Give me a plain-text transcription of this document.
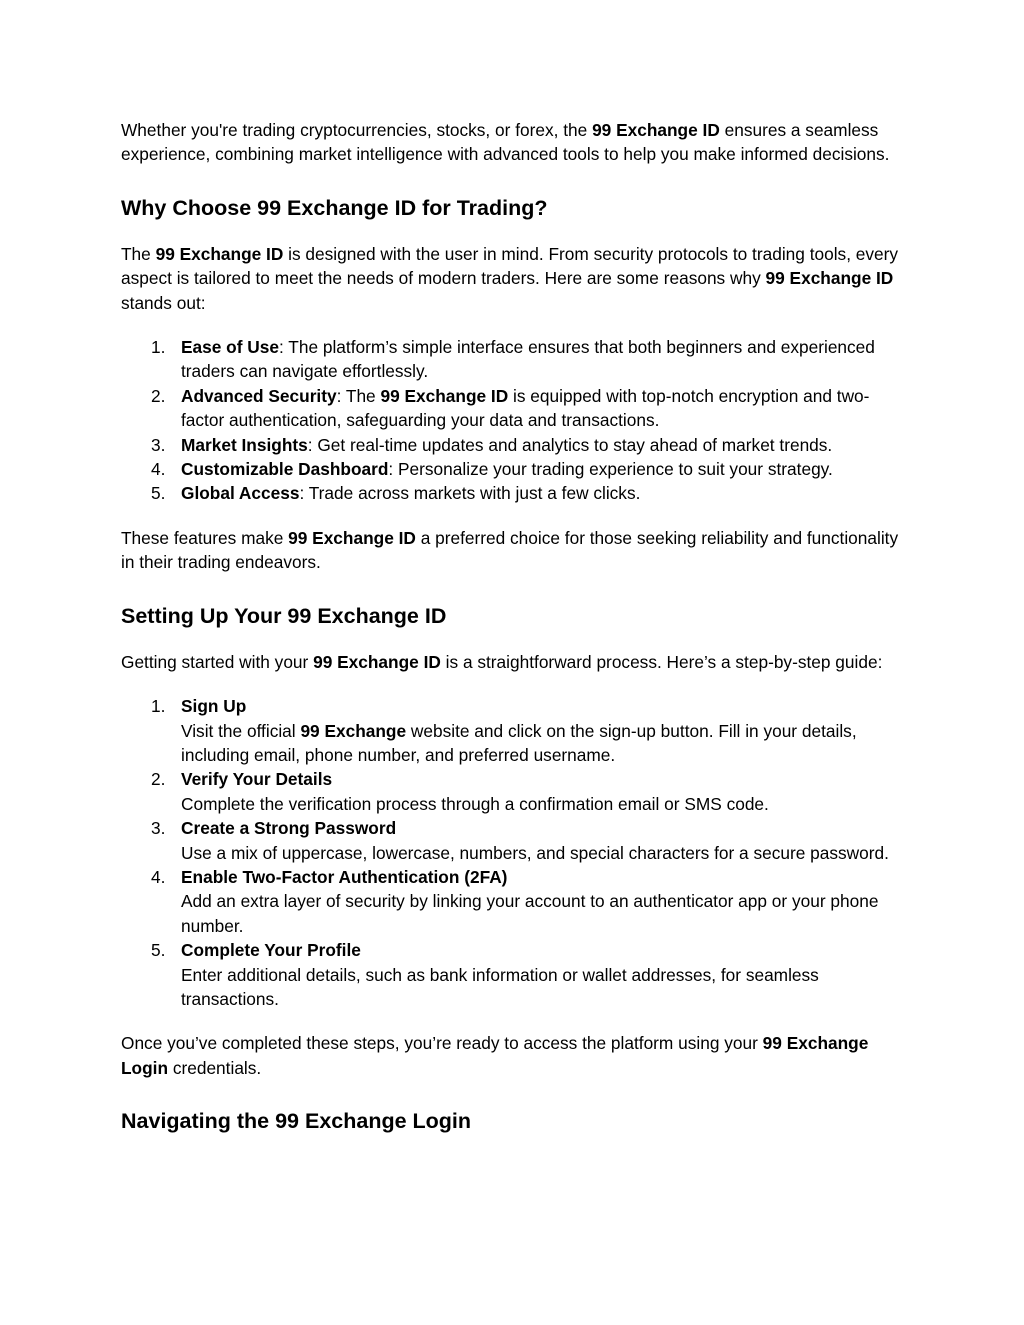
Whether you're trading cryptocurrencies, stocks, or forex, the 99 Exchange ID ensures a seamless experience, combining market intelligence with advanced tools to help you make informed decisions.

Why Choose 99 Exchange ID for Trading?

The 99 Exchange ID is designed with the user in mind. From security protocols to trading tools, every aspect is tailored to meet the needs of modern traders. Here are some reasons why 99 Exchange ID stands out:

1. Ease of Use: The platform’s simple interface ensures that both beginners and experienced traders can navigate effortlessly.
2. Advanced Security: The 99 Exchange ID is equipped with top-notch encryption and two-factor authentication, safeguarding your data and transactions.
3. Market Insights: Get real-time updates and analytics to stay ahead of market trends.
4. Customizable Dashboard: Personalize your trading experience to suit your strategy.
5. Global Access: Trade across markets with just a few clicks.

These features make 99 Exchange ID a preferred choice for those seeking reliability and functionality in their trading endeavors.

Setting Up Your 99 Exchange ID

Getting started with your 99 Exchange ID is a straightforward process. Here’s a step-by-step guide:

1. Sign Up
Visit the official 99 Exchange website and click on the sign-up button. Fill in your details, including email, phone number, and preferred username.
2. Verify Your Details
Complete the verification process through a confirmation email or SMS code.
3. Create a Strong Password
Use a mix of uppercase, lowercase, numbers, and special characters for a secure password.
4. Enable Two-Factor Authentication (2FA)
Add an extra layer of security by linking your account to an authenticator app or your phone number.
5. Complete Your Profile
Enter additional details, such as bank information or wallet addresses, for seamless transactions.

Once you’ve completed these steps, you’re ready to access the platform using your 99 Exchange Login credentials.

Navigating the 99 Exchange Login
